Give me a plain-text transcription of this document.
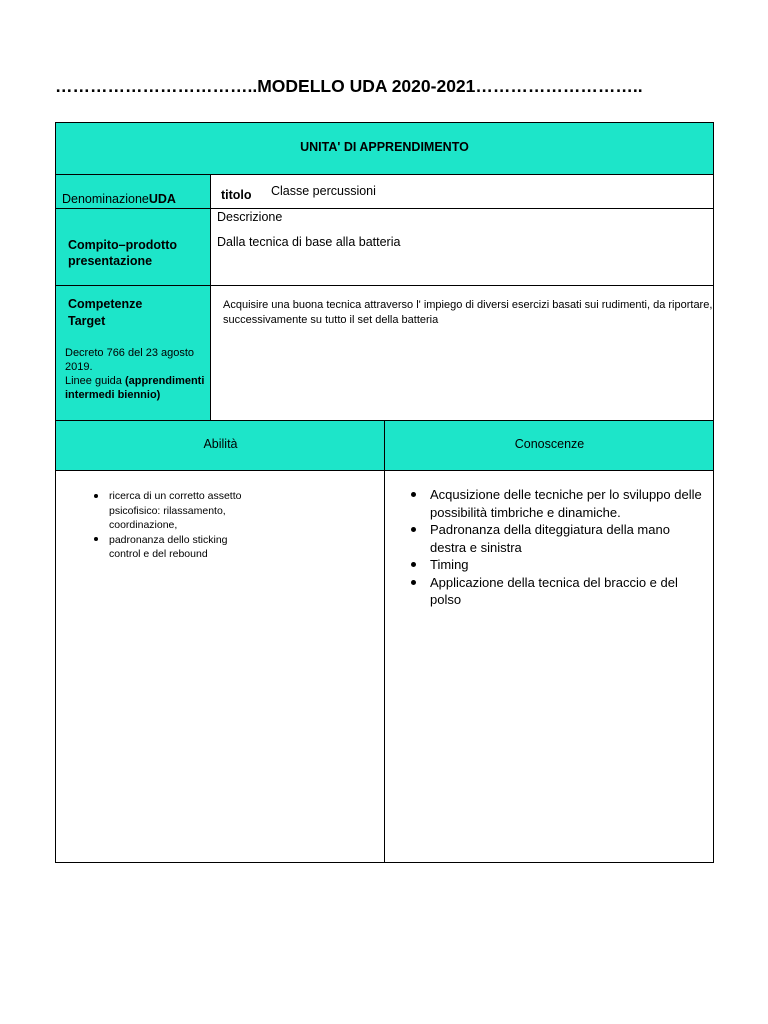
……………………………..MODELLO UDA 2020-2021………………………..
UNITA' DI APPRENDIMENTO
DenominazioneUDA	titolo Classe percussioni
Compito–prodotto
presentazione
Descrizione
Dalla tecnica di base alla batteria
Competenze
Target
Decreto 766 del 23 agosto
2019.
Linee guida (apprendimenti
intermedi biennio)
Acquisire una buona tecnica attraverso l' impiego di diversi esercizi basati sui rudimenti, da riportare,
successivamente su tutto il set della batteria
Abilità	Conoscenze
ricerca di un corretto assetto
psicofisico: rilassamento,
coordinazione,
padronanza dello sticking
control e del rebound
Acqusizione delle tecniche per lo sviluppo delle
possibilità timbriche e dinamiche.
Padronanza della diteggiatura della mano
destra e sinistra
Timing
Applicazione della tecnica del braccio e del
polso
